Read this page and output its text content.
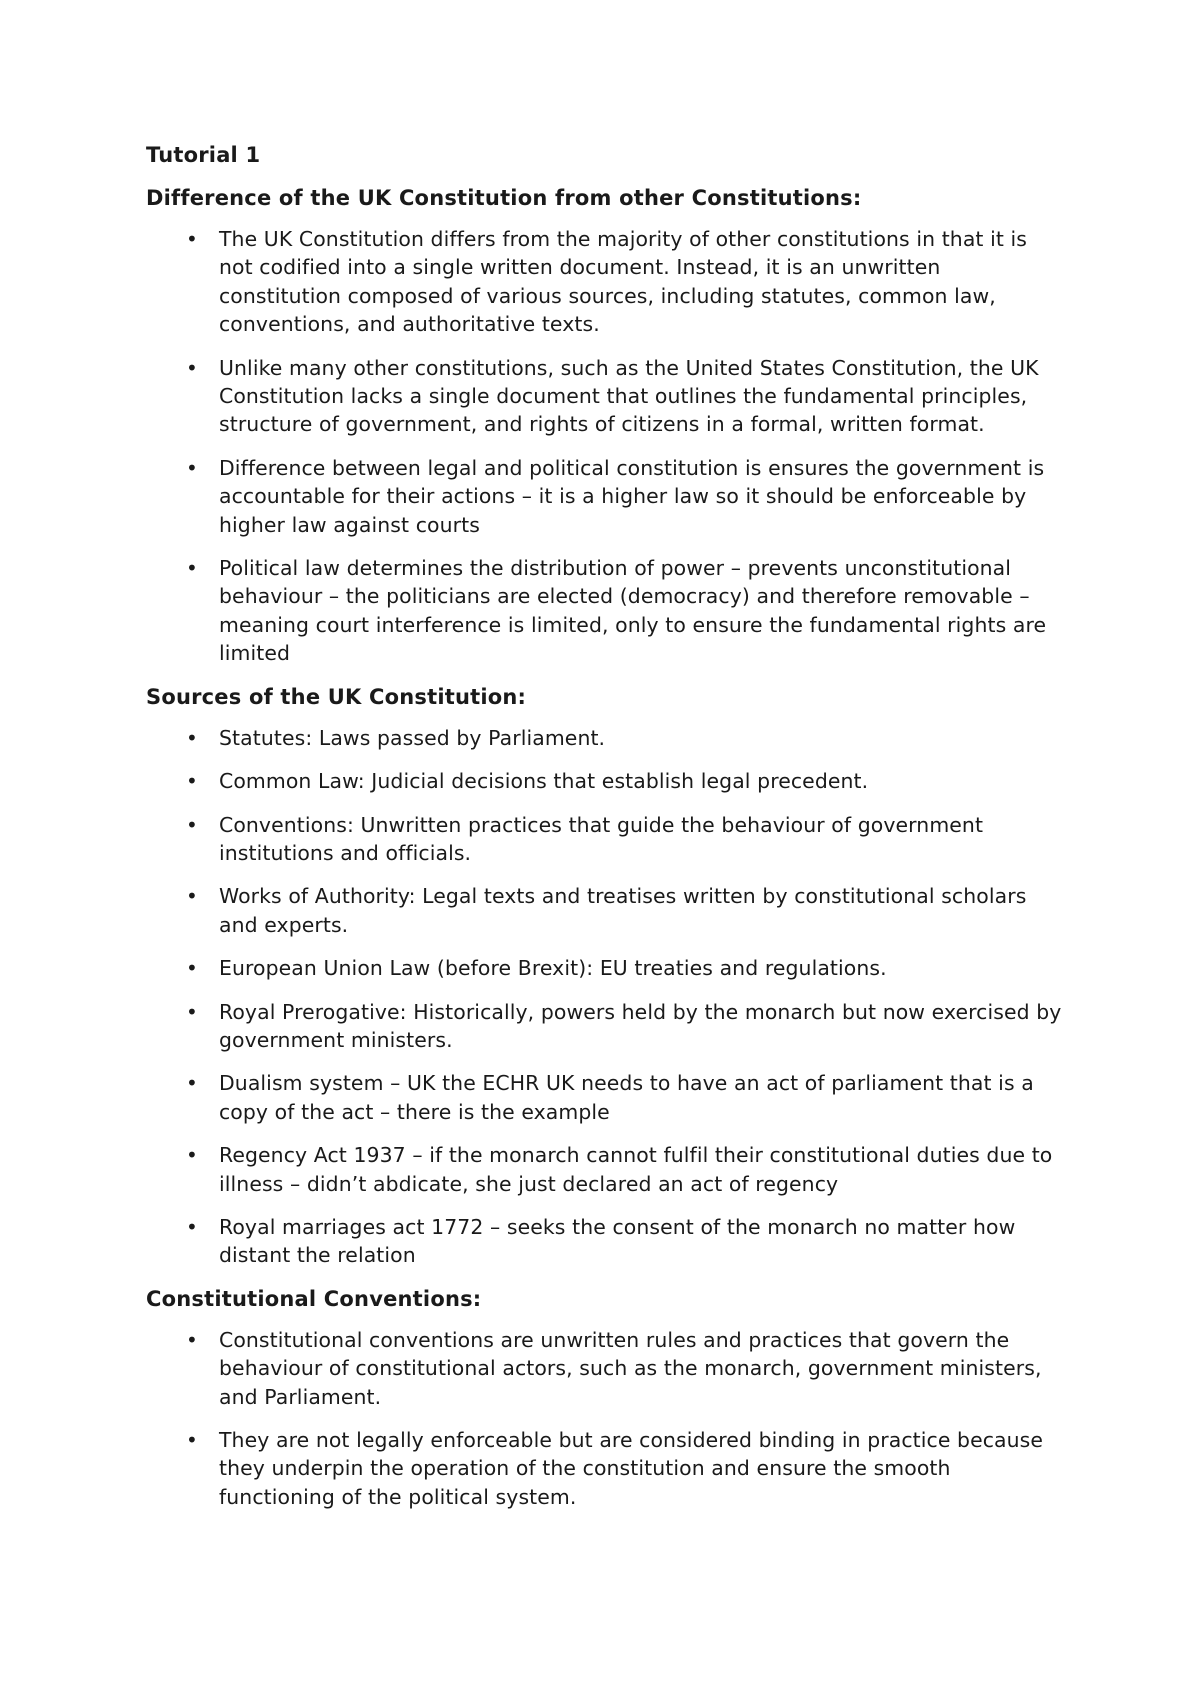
Tutorial 1
Difference of the UK Constitution from other Constitutions:
•	The UK Constitution differs from the majority of other constitutions in that it is not codified into a single written document. Instead, it is an unwritten constitution composed of various sources, including statutes, common law, conventions, and authoritative texts.
•	Unlike many other constitutions, such as the United States Constitution, the UK Constitution lacks a single document that outlines the fundamental principles, structure of government, and rights of citizens in a formal, written format.
•	Difference between legal and political constitution is ensures the government is accountable for their actions – it is a higher law so it should be enforceable by higher law against courts
•	Political law determines the distribution of power – prevents unconstitutional behaviour – the politicians are elected (democracy) and therefore removable – meaning court interference is limited, only to ensure the fundamental rights are limited
Sources of the UK Constitution:
•	Statutes: Laws passed by Parliament.
•	Common Law: Judicial decisions that establish legal precedent.
•	Conventions: Unwritten practices that guide the behaviour of government institutions and officials.
•	Works of Authority: Legal texts and treatises written by constitutional scholars and experts.
•	European Union Law (before Brexit): EU treaties and regulations.
•	Royal Prerogative: Historically, powers held by the monarch but now exercised by government ministers.
•	Dualism system – UK the ECHR UK needs to have an act of parliament that is a copy of the act – there is the example
•	Regency Act 1937 – if the monarch cannot fulfil their constitutional duties due to illness – didn’t abdicate, she just declared an act of regency
•	Royal marriages act 1772 – seeks the consent of the monarch no matter how distant the relation
Constitutional Conventions:
•	Constitutional conventions are unwritten rules and practices that govern the behaviour of constitutional actors, such as the monarch, government ministers, and Parliament.
•	They are not legally enforceable but are considered binding in practice because they underpin the operation of the constitution and ensure the smooth functioning of the political system.
